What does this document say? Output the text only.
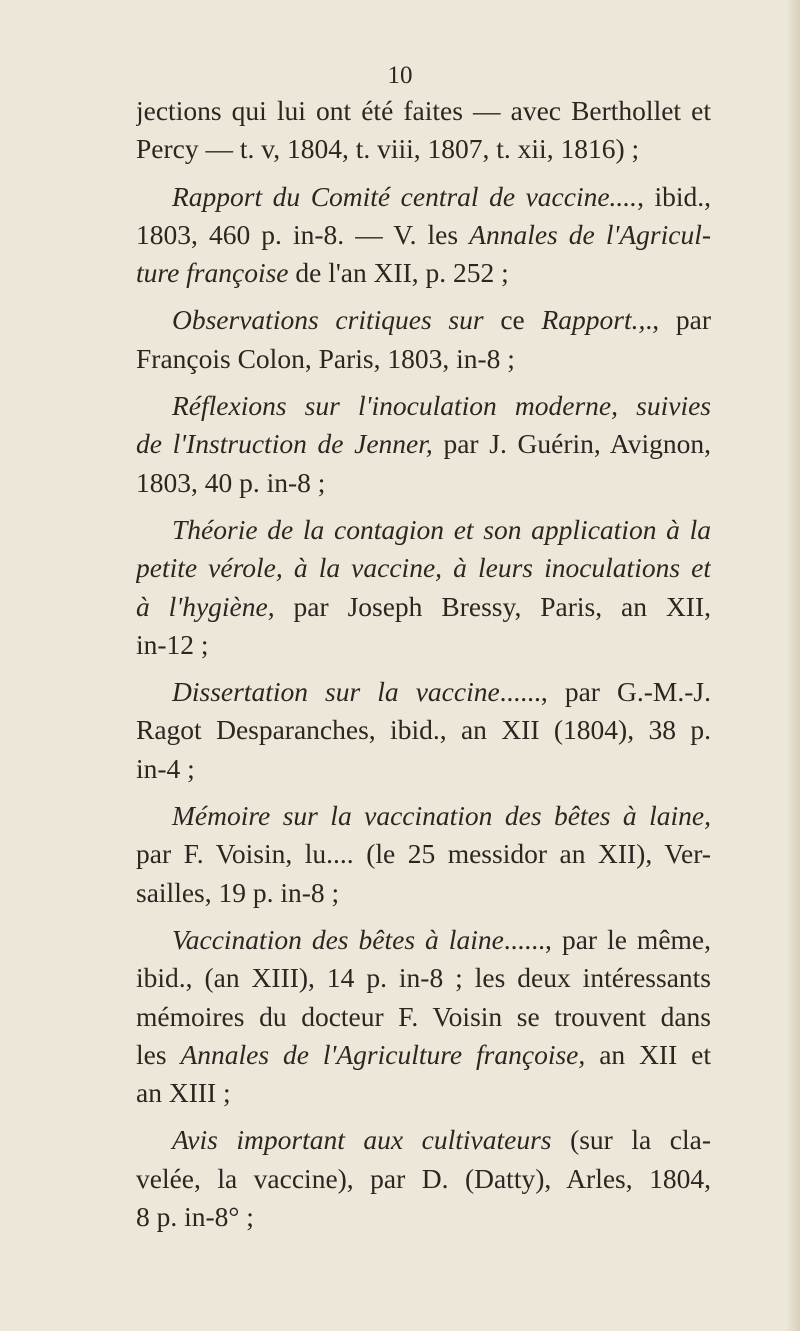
10
jections qui lui ont été faites — avec Berthollet et
Percy — t. v, 1804, t. viii, 1807, t. xii, 1816) ;
Rapport du Comité central de vaccine...., ibid.,
1803, 460 p. in-8. — V. les Annales de l'Agricul-
ture françoise de l'an XII, p. 252 ;
Observations critiques sur ce Rapport.,., par
François Colon, Paris, 1803, in-8 ;
Réflexions sur l'inoculation moderne, suivies
de l'Instruction de Jenner, par J. Guérin, Avignon,
1803, 40 p. in-8 ;
Théorie de la contagion et son application à la
petite vérole, à la vaccine, à leurs inoculations et
à l'hygiène, par Joseph Bressy, Paris, an XII,
in-12 ;
Dissertation sur la vaccine......, par G.-M.-J.
Ragot Desparanches, ibid., an XII (1804), 38 p.
in-4 ;
Mémoire sur la vaccination des bêtes à laine,
par F. Voisin, lu.... (le 25 messidor an XII), Ver-
sailles, 19 p. in-8 ;
Vaccination des bêtes à laine......, par le même,
ibid., (an XIII), 14 p. in-8 ; les deux intéressants
mémoires du docteur F. Voisin se trouvent dans
les Annales de l'Agriculture françoise, an XII et
an XIII ;
Avis important aux cultivateurs (sur la cla-
velée, la vaccine), par D. (Datty), Arles, 1804,
8 p. in-8° ;
